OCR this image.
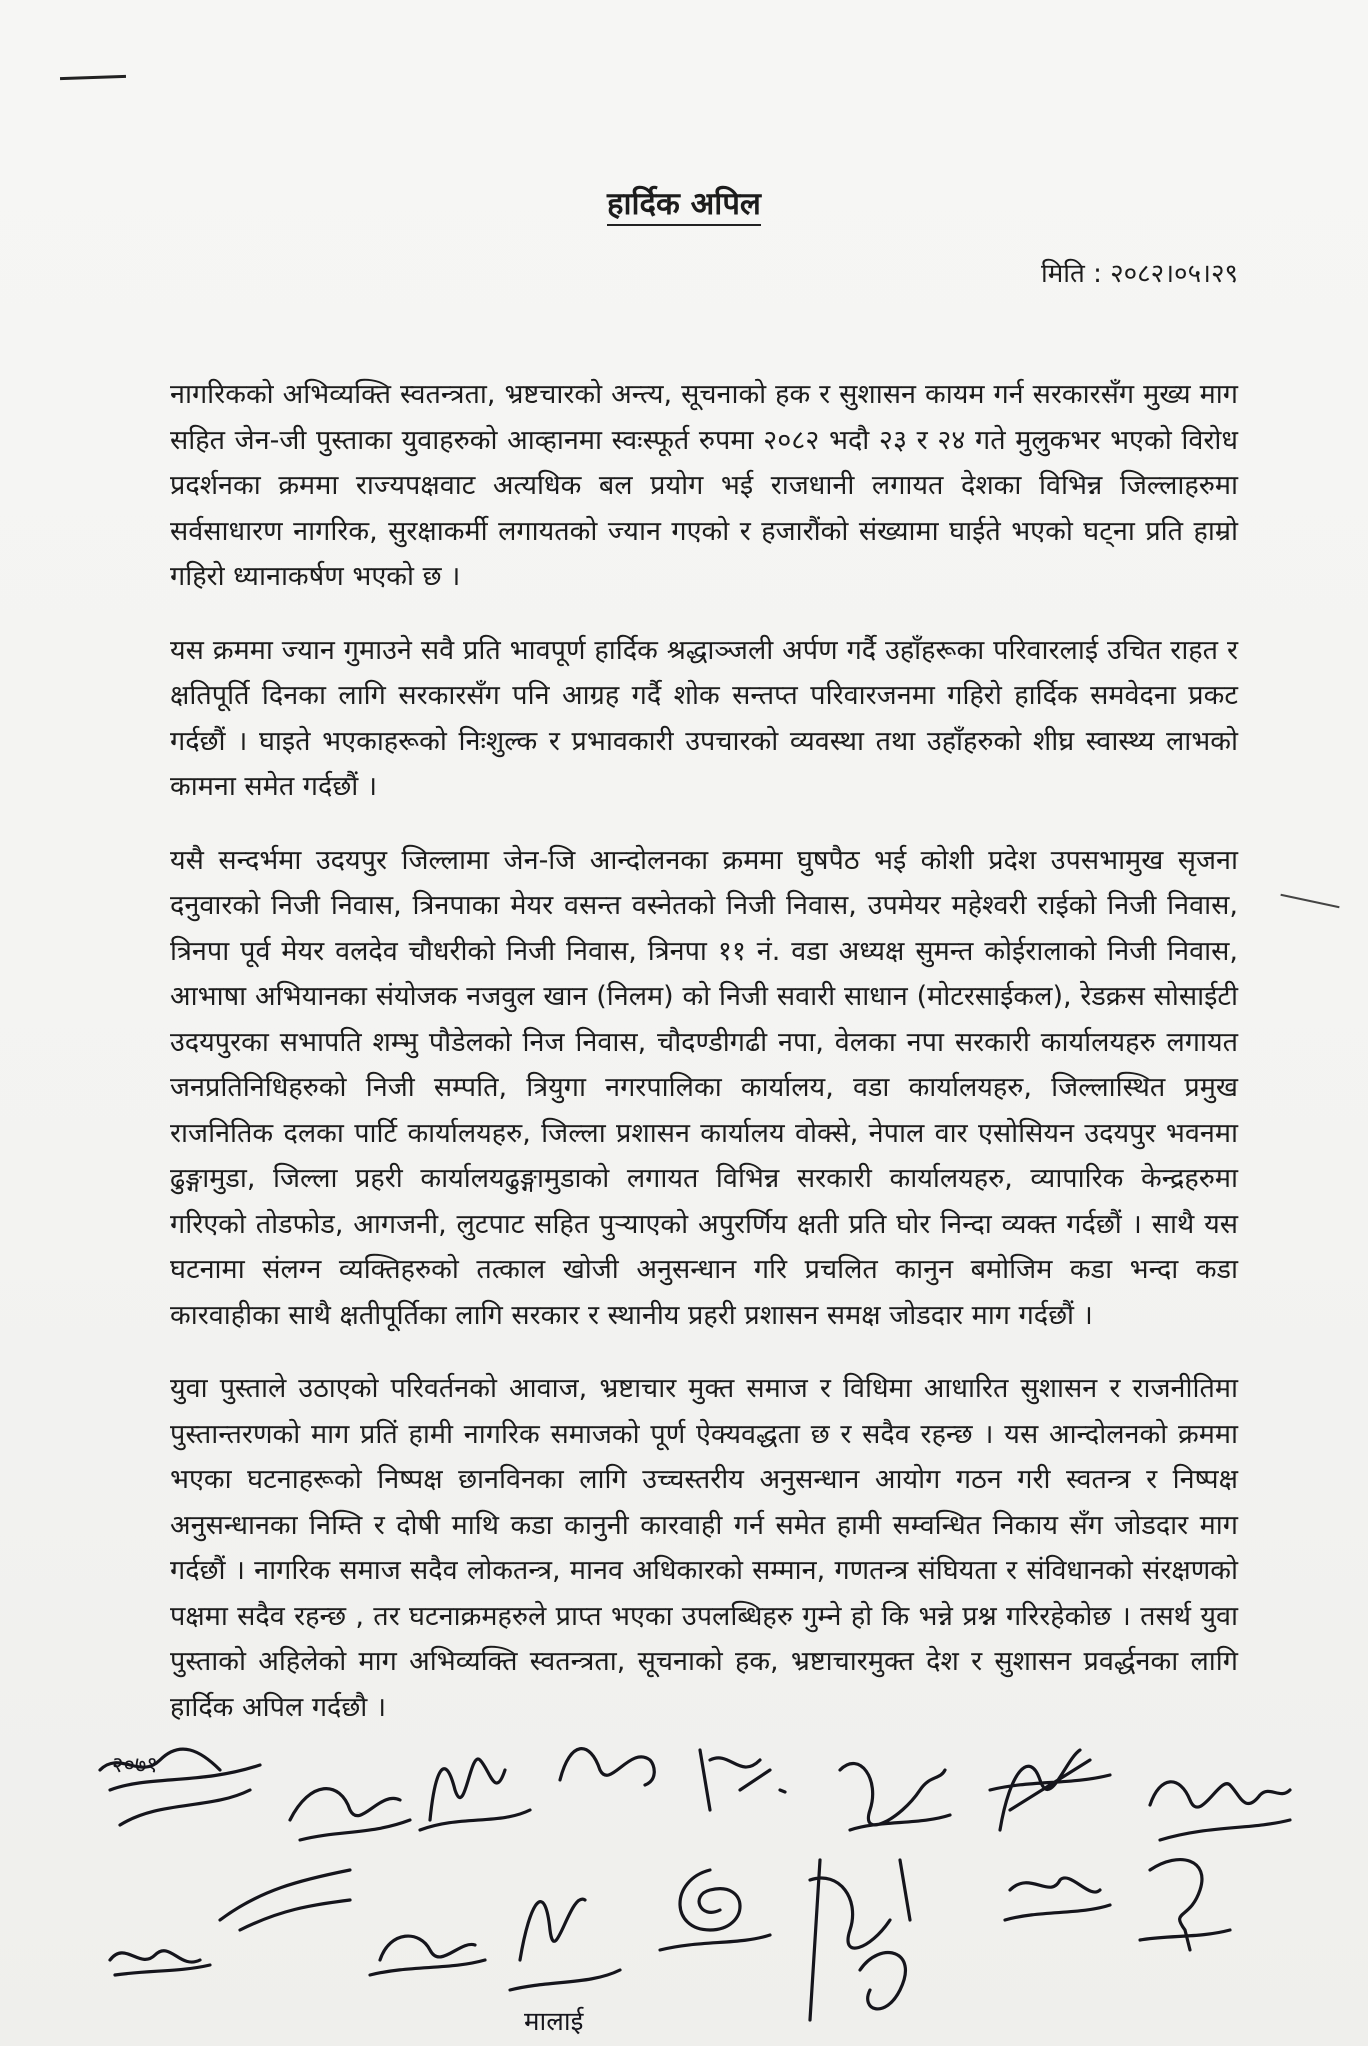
हार्दिक अपिल
मिति : २०८२।०५।२९

नागरिकको अभिव्यक्ति स्वतन्त्रता, भ्रष्टचारको अन्त्य, सूचनाको हक र सुशासन कायम गर्न सरकारसँग मुख्य माग सहित जेन-जी पुस्ताका युवाहरुको आव्हानमा स्वःस्फूर्त रुपमा २०८२ भदौ २३ र २४ गते मुलुकभर भएको विरोध प्रदर्शनका क्रममा राज्यपक्षवाट अत्यधिक बल प्रयोग भई राजधानी लगायत देशका विभिन्न जिल्लाहरुमा सर्वसाधारण नागरिक, सुरक्षाकर्मी लगायतको ज्यान गएको र हजारौंको संख्यामा घाईते भएको घट्ना प्रति हाम्रो गहिरो ध्यानाकर्षण भएको छ ।

यस क्रममा ज्यान गुमाउने सवै प्रति भावपूर्ण हार्दिक श्रद्धाञ्जली अर्पण गर्दै उहाँहरूका परिवारलाई उचित राहत र क्षतिपूर्ति दिनका लागि सरकारसँग पनि आग्रह गर्दै शोक सन्तप्त परिवारजनमा गहिरो हार्दिक समवेदना प्रकट गर्दछौं । घाइते भएकाहरूको निःशुल्क र प्रभावकारी उपचारको व्यवस्था तथा उहाँहरुको शीघ्र स्वास्थ्य लाभको कामना समेत गर्दछौं ।

यसै सन्दर्भमा उदयपुर जिल्लामा जेन-जि आन्दोलनका क्रममा घुषपैठ भई कोशी प्रदेश उपसभामुख सृजना दनुवारको निजी निवास, त्रिनपाका मेयर वसन्त वस्नेतको निजी निवास, उपमेयर महेश्वरी राईको निजी निवास, त्रिनपा पूर्व मेयर वलदेव चौधरीको निजी निवास, त्रिनपा ११ नं. वडा अध्यक्ष सुमन्त कोईरालाको निजी निवास, आभाषा अभियानका संयोजक नजवुल खान (निलम) को निजी सवारी साधान (मोटरसाईकल), रेडक्रस सोसाईटी उदयपुरका सभापति शम्भु पौडेलको निज निवास, चौदण्डीगढी नपा, वेलका नपा सरकारी कार्यालयहरु लगायत जनप्रतिनिधिहरुको निजी सम्पति, त्रियुगा नगरपालिका कार्यालय, वडा कार्यालयहरु, जिल्लास्थित प्रमुख राजनितिक दलका पार्टि कार्यालयहरु, जिल्ला प्रशासन कार्यालय वोक्से, नेपाल वार एसोसियन उदयपुर भवनमा ढुङ्गामुडा, जिल्ला प्रहरी कार्यालयढुङ्गामुडाको लगायत विभिन्न सरकारी कार्यालयहरु, व्यापारिक केन्द्रहरुमा गरिएको तोडफोड, आगजनी, लुटपाट सहित पुऱ्याएको अपुरर्णिय क्षती प्रति घोर निन्दा व्यक्त गर्दछौं । साथै यस घटनामा संलग्न व्यक्तिहरुको तत्काल खोजी अनुसन्धान गरि प्रचलित कानुन बमोजिम कडा भन्दा कडा कारवाहीका साथै क्षतीपूर्तिका लागि सरकार र स्थानीय प्रहरी प्रशासन समक्ष जोडदार माग गर्दछौं ।

युवा पुस्ताले उठाएको परिवर्तनको आवाज, भ्रष्टाचार मुक्त समाज र विधिमा आधारित सुशासन र राजनीतिमा पुस्तान्तरणको माग प्रतिं हामी नागरिक समाजको पूर्ण ऐक्यवद्धता छ र सदैव रहन्छ । यस आन्दोलनको क्रममा भएका घटनाहरूको निष्पक्ष छानविनका लागि उच्चस्तरीय अनुसन्धान आयोग गठन गरी स्वतन्त्र र निष्पक्ष अनुसन्धानका निम्ति र दोषी माथि कडा कानुनी कारवाही गर्न समेत हामी सम्वन्धित निकाय सँग जोडदार माग गर्दछौं । नागरिक समाज सदैव लोकतन्त्र, मानव अधिकारको सम्मान, गणतन्त्र संघियता र संविधानको संरक्षणको पक्षमा सदैव रहन्छ , तर घटनाक्रमहरुले प्राप्त भएका उपलब्धिहरु गुम्ने हो कि भन्ने प्रश्न गरिरहेकोछ । तसर्थ युवा पुस्ताको अहिलेको माग अभिव्यक्ति स्वतन्त्रता, सूचनाको हक, भ्रष्टाचारमुक्त देश र सुशासन प्रवर्द्धनका लागि हार्दिक अपिल गर्दछौ ।

२०७१
मालाई
